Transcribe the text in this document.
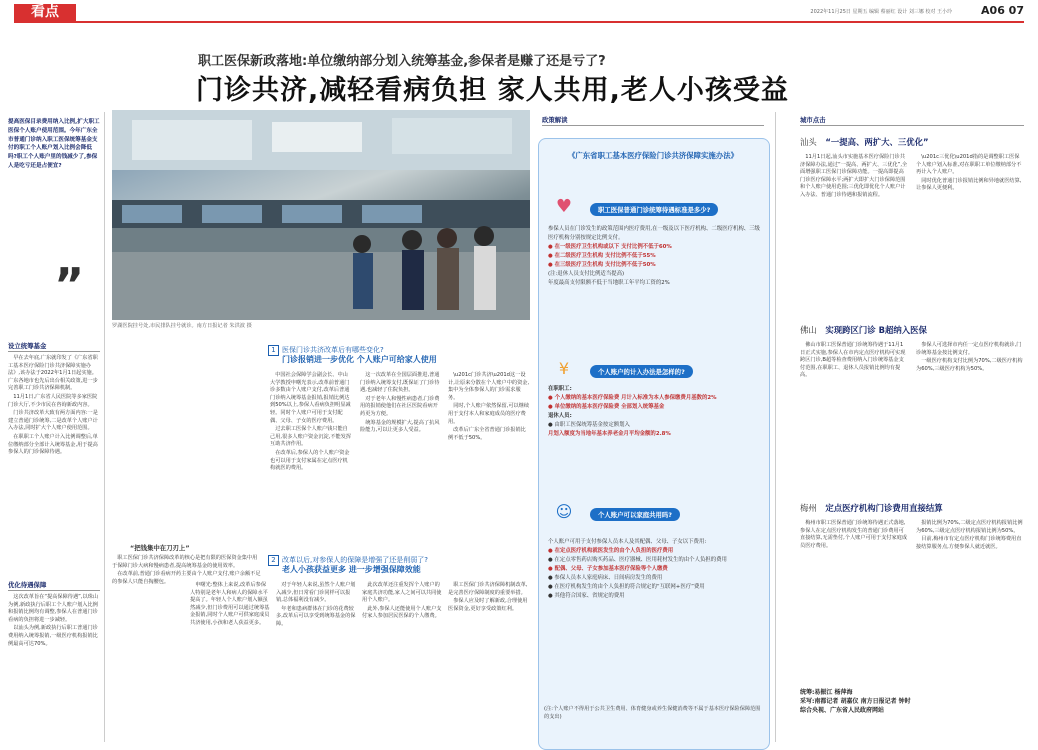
看点	2022年11月25日 星期五 编辑 蔡丽红 设计 刘三娜 校对 王小玲	A06 07
职工医保新政落地:单位缴纳部分划入统筹基金,参保者是赚了还是亏了?
门诊共济,减轻看病负担 家人共用,老人小孩受益
提高医保目录费用纳入比例,扩大职工医保个人账户使用范围。今年广东全市普通门诊纳入职工医保统筹基金支付的职工个人账户划入比例会降低吗?职工个人账户里的钱减少了,参保人是吃亏还是占便宜?
”
设立统筹基金

早在去年底,广东就印发了《广东省职工基本医疗保险门诊共济保障实施办法》,该办法于2022年1月1日起实施。广东各地市也先后出台相关政策,进一步完善职工门诊共济保障机制。

11月1日,广东省人民医院等多家医院门诊大厅,不少市民在咨询新政内容。

门诊共济改革大致有两方面内容:一是建立普通门诊统筹,二是改革个人账户计入办法,同时扩大个人账户使用范围。

在职职工个人账户计入比例调整后,单位缴纳部分全部计入统筹基金,用于提高参保人的门诊保障待遇。

优化待遇保障

这次改革旨在“提高保障待遇”,以珠山为例,新政执行后职工个人账户划入比例和报销比例均有调整,参保人在普通门诊看病的负担将进一步减轻。

以汕头为例,新政执行后职工普通门诊费用纳入统筹报销,一级医疗机构报销比例最高可达70%。

罗湖医院挂号处,市民排队挂号就诊。南方日报记者 朱洪波 摄
1 医保门诊共济改革后有哪些变化?
门诊报销进一步优化 个人账户可给家人使用

中国社会保障学会副会长、中山大学教授申曙光表示,改革前普通门诊多数由个人账户支付,改革后普通门诊纳入统筹基金报销,报销比例达到50%以上,参保人看病负担明显减轻。同时个人账户可用于支付配偶、父母、子女的医疗费用。

过去职工医保个人账户钱只能自己用,很多人账户资金沉淀,不能发挥互助共济作用。

在改革后,参保人的个人账户资金也可以用于支付家属在定点医疗机构就医的费用。

这一次改革在全国层面推进,普通门诊纳入统筹支付,既保证了门诊待遇,也减轻了住院负担。

对于老年人和慢性病患者,门诊费用的报销使他们在社区医院看病开药更为方便。

统筹基金的规模扩大,提高了抗风险能力,可以让更多人受益。

\u201c门诊共济\u201d这一设计,让原来分散在个人账户中的资金,集中为全体参保人的门诊需求服务。

同时,个人账户依然保留,可以继续用于支付本人和家庭成员的医疗费用。

改革后广东全省普通门诊报销比例不低于50%。

“把钱集中在刀刃上”

职工医保门诊共济保障改革的核心是把有限的医保资金集中用于保障门诊大病和慢病患者,提高统筹基金的使用效率。

在改革前,普通门诊看病开药主要由个人账户支付,账户余额不足的参保人只能自掏腰包。

2 改革以后,对参保人的保障是增强了还是削弱了?
老人小孩获益更多 进一步增强保障效能

申曙光:整体上来说,改革后参保人特别是老年人和病人的保障水平提高了。年轻人个人账户划入额虽然减少,但门诊费用可以通过统筹基金报销,同时个人账户可供家庭成员共济使用,小孩和老人获益更多。

对于年轻人来说,虽然个人账户划入减少,但日常看门诊同样可以报销,总体福利没有减少。

年老和患病群体在门诊的花费较多,改革后可以享受到统筹基金的保障。

此次改革还注重发挥个人账户的家庭共济功能,家人之间可以共同使用个人账户。

此外,参保人还能使用个人账户支付家人参加居民医保的个人缴费。

职工医保门诊共济保障机制改革,是完善医疗保障制度的重要举措。

参保人应及时了解新政,合理使用医保资金,更好享受政策红利。

政策解读
《广东省职工基本医疗保险门诊共济保障实施办法》
职工医保普通门诊统筹待遇标准是多少?
♥
参保人员在门诊发生的政策范围内医疗费用,在一级及以下医疗机构、二级医疗机构、三级医疗机构分别按规定比例支付。
● 在一级医疗卫生机构或以下 支付比例不低于60%
● 在二级医疗卫生机构 支付比例不低于55%
● 在三级医疗卫生机构 支付比例不低于50%
(注:退休人员支付比例适当提高)
年度最高支付限额不低于当地职工年平均工资的2%
个人账户的计入办法是怎样的?
¥
在职职工:
● 个人缴纳的基本医疗保险费 月计入标准为本人参保缴费月基数的2%
● 单位缴纳的基本医疗保险费 全部划入统筹基金
退休人员:
● 由职工医保统筹基金按定额划入
月划入额度为当地年基本养老金月平均金额的2.8%
个人账户可以家庭共用吗?
☺
个人账户可用于支付参保人员本人及其配偶、父母、子女以下费用:
● 在定点医疗机构就医发生的由个人负担的医疗费用
● 在定点零售药店购买药品、医疗器械、医用耗材发生的由个人负担的费用
● 配偶、父母、子女参加基本医疗保险等个人缴费
● 参保人员本人家庭病床、日间病房发生的费用
● 在医疗机构发生的由个人负担的符合规定的“互联网+医疗”费用
● 其他符合国家、省规定的费用
(注:个人账户不得用于公共卫生费用、体育健身或养生保健消费等不属于基本医疗保险保障范围的支出)
城市点击
汕头 “一提高、两扩大、三优化”

11月1日起,汕头市实施基本医疗保险门诊共济保障办法,通过“一提高、两扩大、三优化”,全面增强职工医保门诊保障功能。一提高即提高门诊医疗保障水平;两扩大即扩大门诊保障范围和个人账户使用范围;三优化即优化个人账户计入办法、普通门诊待遇和报销流程。

\u201c三优化\u201d指的是调整职工医保个人账户划入标准,对在职职工单位缴纳部分不再计入个人账户。

同时优化普通门诊报销比例和异地就医结算,让参保人更便利。

佛山 实现跨区门诊 B超纳入医保

佛山市职工医保普通门诊统筹待遇于11月1日正式实施,参保人在市内定点医疗机构可实现跨区门诊,B超等检查费用纳入门诊统筹基金支付范围,在职职工、退休人员报销比例均有提高。

参保人可选择市内任一定点医疗机构就诊,门诊统筹基金按比例支付。

一级医疗机构支付比例为70%,二级医疗机构为60%,三级医疗机构为50%。

梅州 定点医疗机构门诊费用直接结算

梅州市职工医保普通门诊统筹待遇正式落地,参保人在定点医疗机构发生的普通门诊费用可直接结算,无需垫付,个人账户可用于支付家庭成员医疗费用。

报销比例为70%,二级定点医疗机构报销比例为60%,三级定点医疗机构报销比例为50%。

目前,梅州市有定点医疗机构门诊统筹费用直接结算服务点,方便参保人就近就医。

统筹:易振江 杨萍海
采写:南都记者 胡嘉仪 南方日报记者 钟时
综合央视、广东省人民政府网站
